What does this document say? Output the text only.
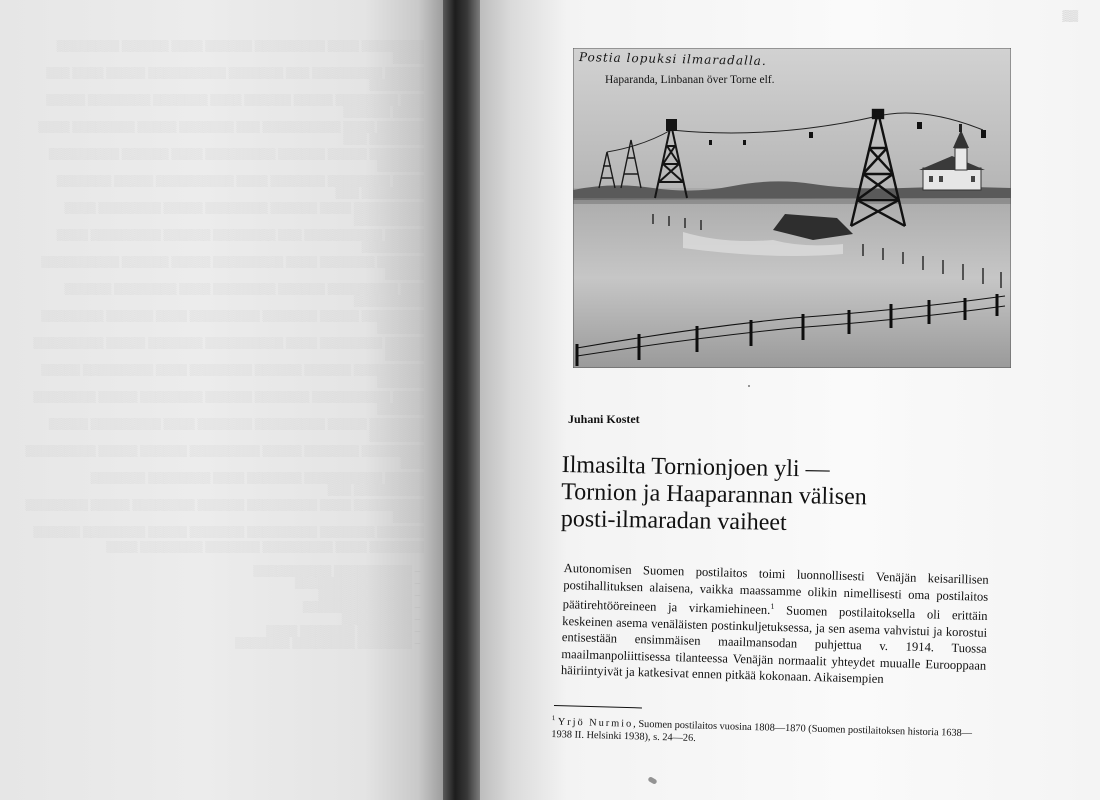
▒▒▒▒▒▒▒▒ ▒▒▒▒ ▒▒▒▒▒▒▒▒▒ ▒▒▒▒▒▒ ▒▒▒▒ ▒▒▒▒▒▒ ▒▒▒▒▒▒▒▒ ▒▒▒▒

▒▒▒▒▒ ▒▒▒▒▒▒▒▒▒ ▒▒▒ ▒▒▒▒▒▒▒ ▒▒▒▒▒▒▒▒▒▒ ▒▒▒▒▒ ▒▒▒▒ ▒▒▒ ▒▒▒▒▒▒▒

▒▒▒ ▒▒▒▒▒▒▒▒ ▒▒▒▒▒ ▒▒▒▒▒▒ ▒▒▒▒ ▒▒▒▒▒▒▒ ▒▒▒▒▒▒▒▒ ▒▒▒▒▒ ▒▒▒▒ ▒▒▒▒▒▒

▒▒▒▒▒▒ ▒▒▒▒ ▒▒▒▒▒▒▒▒▒▒ ▒▒▒ ▒▒▒▒▒▒▒ ▒▒▒▒▒ ▒▒▒▒▒▒▒▒ ▒▒▒▒ ▒▒▒▒▒▒▒ ▒▒▒

▒▒▒▒▒▒▒ ▒▒▒▒▒ ▒▒▒▒▒▒ ▒▒▒▒▒▒▒▒▒ ▒▒▒▒ ▒▒▒▒▒▒ ▒▒▒▒▒▒▒▒▒ ▒▒▒▒▒▒

▒▒▒▒ ▒▒▒▒▒▒▒▒ ▒▒▒▒▒▒▒ ▒▒▒▒ ▒▒▒▒▒▒▒▒▒▒ ▒▒▒▒▒ ▒▒▒▒▒▒▒ ▒▒▒▒▒▒▒▒ ▒▒▒

▒▒▒▒▒▒▒▒▒ ▒▒▒▒ ▒▒▒▒▒▒ ▒▒▒▒▒▒▒▒ ▒▒▒▒▒ ▒▒▒▒▒▒▒▒ ▒▒▒▒ ▒▒▒▒▒▒▒▒▒

▒▒▒▒▒ ▒▒▒▒▒▒▒▒▒▒ ▒▒▒ ▒▒▒▒▒▒▒▒ ▒▒▒▒▒▒ ▒▒▒▒▒▒▒▒▒ ▒▒▒▒ ▒▒▒▒▒▒▒▒

▒▒▒▒▒▒ ▒▒▒▒▒▒▒ ▒▒▒▒ ▒▒▒▒▒▒▒▒▒ ▒▒▒▒▒ ▒▒▒▒▒▒ ▒▒▒▒▒▒▒▒▒▒ ▒▒▒▒▒

▒▒▒ ▒▒▒▒▒▒▒▒▒ ▒▒▒▒▒▒ ▒▒▒▒▒▒▒▒ ▒▒▒▒ ▒▒▒▒▒▒▒▒ ▒▒▒▒▒▒ ▒▒▒▒▒▒▒▒▒

▒▒▒▒▒▒▒▒ ▒▒▒▒▒ ▒▒▒▒▒▒▒ ▒▒▒▒▒▒▒▒▒ ▒▒▒▒ ▒▒▒▒▒▒ ▒▒▒▒▒▒▒▒ ▒▒▒▒▒▒

▒▒▒▒▒ ▒▒▒▒▒▒▒▒ ▒▒▒▒ ▒▒▒▒▒▒▒▒▒▒ ▒▒▒▒▒▒▒ ▒▒▒▒▒ ▒▒▒▒▒▒▒▒▒ ▒▒▒▒▒

▒▒▒▒▒▒▒▒▒ ▒▒▒▒▒▒ ▒▒▒▒▒▒ ▒▒▒▒▒▒▒▒ ▒▒▒▒ ▒▒▒▒▒▒▒▒▒ ▒▒▒▒▒ ▒▒▒▒▒▒

▒▒▒▒ ▒▒▒▒▒▒▒▒▒▒ ▒▒▒▒▒▒▒ ▒▒▒▒▒▒ ▒▒▒▒▒▒▒▒ ▒▒▒▒▒ ▒▒▒▒▒▒▒▒ ▒▒▒▒▒▒

▒▒▒▒▒▒▒ ▒▒▒▒▒ ▒▒▒▒▒▒▒▒▒ ▒▒▒▒▒▒▒ ▒▒▒▒ ▒▒▒▒▒▒▒▒▒ ▒▒▒▒▒ ▒▒▒▒▒▒▒

▒▒▒▒▒▒▒▒ ▒▒▒▒▒▒▒ ▒▒▒▒▒ ▒▒▒▒▒▒▒▒▒ ▒▒▒▒▒▒ ▒▒▒▒▒ ▒▒▒▒▒▒▒▒▒ ▒▒▒

▒▒▒▒▒ ▒▒▒▒▒▒▒▒▒▒ ▒▒▒▒▒▒▒ ▒▒▒▒ ▒▒▒▒▒▒▒▒ ▒▒▒▒▒▒▒ ▒▒▒▒▒▒▒▒▒ ▒▒▒

▒▒▒▒▒▒▒▒▒ ▒▒▒▒ ▒▒▒▒▒▒▒▒▒ ▒▒▒▒▒▒ ▒▒▒▒▒▒▒▒ ▒▒▒▒▒ ▒▒▒▒▒▒▒▒ ▒▒▒▒

▒▒▒▒▒▒ ▒▒▒▒▒▒▒ ▒▒▒▒▒▒▒▒▒ ▒▒▒▒▒▒▒ ▒▒▒▒▒ ▒▒▒▒▒▒▒▒ ▒▒▒▒▒▒

▒▒▒▒▒▒▒ ▒▒▒▒ ▒▒▒▒▒▒▒▒▒ ▒▒▒▒▒▒▒ ▒▒▒▒▒▒▒▒ ▒▒▒▒

– ▒▒▒▒▒▒▒▒▒▒ ▒▒▒▒▒▒▒▒▒▒
– ▒▒▒▒▒▒▒▒▒▒▒▒▒▒▒
– ▒▒▒▒▒▒▒▒▒▒▒▒
– ▒▒▒▒▒▒▒▒▒▒▒▒▒▒
– ▒▒▒▒▒▒▒▒▒
– ▒▒▒▒▒▒▒ ▒▒▒▒▒▒▒ ▒▒▒▒
– ▒▒▒▒▒▒▒ ▒▒▒▒▒▒▒▒ ▒▒▒▒▒▒▒
▒▒
Postia lopuksi ilmaradalla.
Haparanda, Linbanan över Torne elf.
Juhani Kostet
Ilmasilta Tornionjoen yli —
Tornion ja Haaparannan välisen
posti-ilmaradan vaiheet

Autonomisen Suomen postilaitos toimi luonnollisesti Venäjän keisarillisen postihallituksen alaisena, vaikka maassamme olikin nimellisesti oma postilaitos päätirehtööreineen ja virkamiehineen.$^1$ Suomen postilaitoksella oli erittäin keskeinen asema venäläisten postinkuljetuksessa, ja sen asema vahvistui ja korostui entisestään ensimmäisen maailmansodan puhjettua v. 1914. Tuossa maailmanpoliittisessa tilanteessa Venäjän normaalit yhteydet muualle Eurooppaan häiriintyivät ja katkesivat ennen pitkää kokonaan. Aikaisempien

$^1$ Yrjö Nurmio, Suomen postilaitos vuosina 1808—1870 (Suomen postilaitoksen historia 1638—1938 II. Helsinki 1938), s. 24—26.
